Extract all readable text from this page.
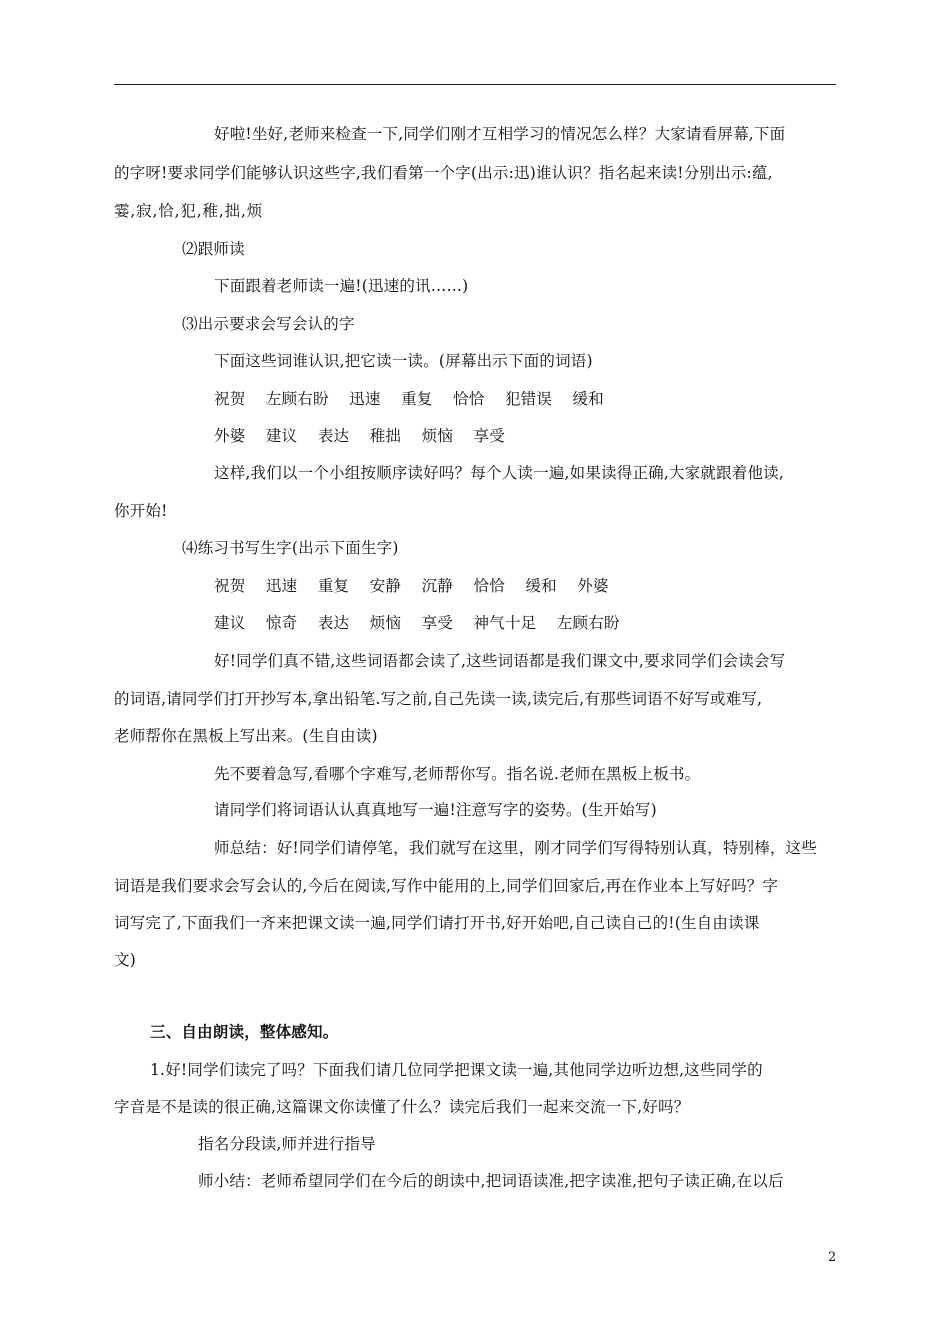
好啦!坐好,老师来检查一下,同学们刚才互相学习的情况怎么样？大家请看屏幕,下面
的字呀!要求同学们能够认识这些字,我们看第一个字(出示:迅)谁认识？指名起来读!分别出示:蕴,
霎,寂,恰,犯,稚,拙,烦
⑵跟师读
下面跟着老师读一遍!(迅速的讯……)
⑶出示要求会写会认的字
下面这些词谁认识,把它读一读。(屏幕出示下面的词语)
祝贺    左顾右盼    迅速    重复    恰恰    犯错误    缓和
外婆    建议    表达    稚拙    烦恼    享受
这样,我们以一个小组按顺序读好吗？每个人读一遍,如果读得正确,大家就跟着他读,
你开始!
⑷练习书写生字(出示下面生字)
祝贺    迅速    重复    安静    沉静    恰恰    缓和    外婆
建议    惊奇    表达    烦恼    享受    神气十足    左顾右盼
好!同学们真不错,这些词语都会读了,这些词语都是我们课文中,要求同学们会读会写
的词语,请同学们打开抄写本,拿出铅笔.写之前,自己先读一读,读完后,有那些词语不好写或难写,
老师帮你在黑板上写出来。(生自由读)
先不要着急写,看哪个字难写,老师帮你写。指名说.老师在黑板上板书。
请同学们将词语认认真真地写一遍!注意写字的姿势。(生开始写)
师总结：好!同学们请停笔，我们就写在这里，刚才同学们写得特别认真，特别棒，这些
词语是我们要求会写会认的,今后在阅读,写作中能用的上,同学们回家后,再在作业本上写好吗？字
词写完了,下面我们一齐来把课文读一遍,同学们请打开书,好开始吧,自己读自己的!(生自由读课
文)
三、自由朗读，整体感知。
1.好!同学们读完了吗？下面我们请几位同学把课文读一遍,其他同学边听边想,这些同学的
字音是不是读的很正确,这篇课文你读懂了什么？读完后我们一起来交流一下,好吗？
指名分段读,师并进行指导
师小结：老师希望同学们在今后的朗读中,把词语读准,把字读准,把句子读正确,在以后
2
